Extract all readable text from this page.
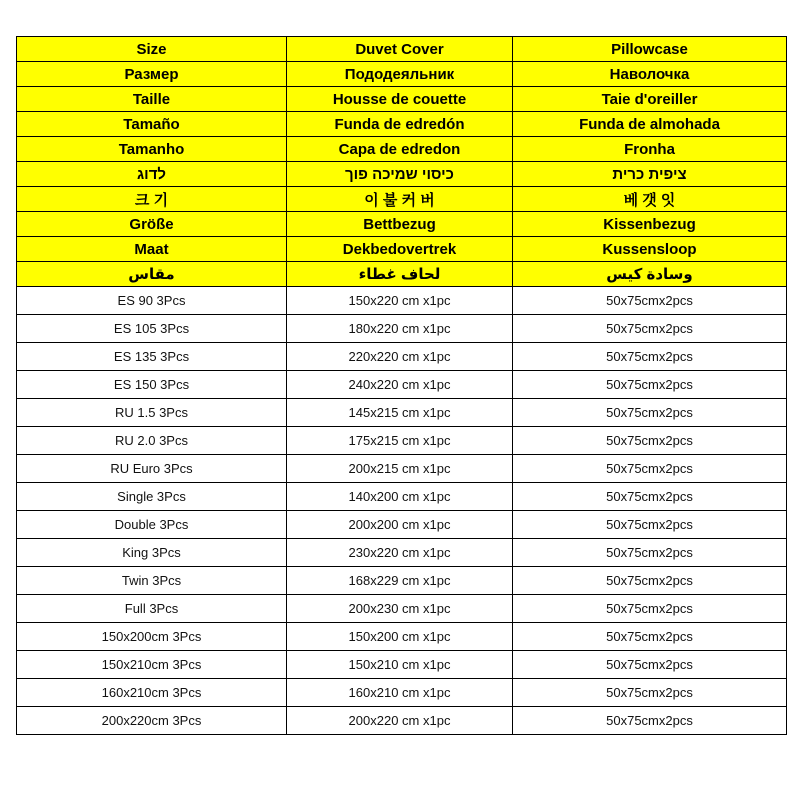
Size	Duvet Cover	Pillowcase
Размер	Пододеяльник	Наволочка
Taille	Housse de couette	Taie d'oreiller
Tamaño	Funda de edredón	Funda de almohada
Tamanho	Capa de edredon	Fronha
לדוג	כיסוי שמיכה פוך	ציפית כרית
크 기	이 불 커 버	베 갯 잇
Größe	Bettbezug	Kissenbezug
Maat	Dekbedovertrek	Kussensloop
مقاس	لحاف غطاء	وسادة كيس
ES 90 3Pcs	150x220 cm x1pc	50x75cmx2pcs
ES 105 3Pcs	180x220 cm x1pc	50x75cmx2pcs
ES 135 3Pcs	220x220 cm x1pc	50x75cmx2pcs
ES 150 3Pcs	240x220 cm x1pc	50x75cmx2pcs
RU 1.5 3Pcs	145x215 cm x1pc	50x75cmx2pcs
RU 2.0 3Pcs	175x215 cm x1pc	50x75cmx2pcs
RU Euro 3Pcs	200x215 cm x1pc	50x75cmx2pcs
Single 3Pcs	140x200 cm x1pc	50x75cmx2pcs
Double 3Pcs	200x200 cm x1pc	50x75cmx2pcs
King 3Pcs	230x220 cm x1pc	50x75cmx2pcs
Twin 3Pcs	168x229 cm x1pc	50x75cmx2pcs
Full 3Pcs	200x230 cm x1pc	50x75cmx2pcs
150x200cm 3Pcs	150x200 cm x1pc	50x75cmx2pcs
150x210cm 3Pcs	150x210 cm x1pc	50x75cmx2pcs
160x210cm 3Pcs	160x210 cm x1pc	50x75cmx2pcs
200x220cm 3Pcs	200x220 cm x1pc	50x75cmx2pcs
